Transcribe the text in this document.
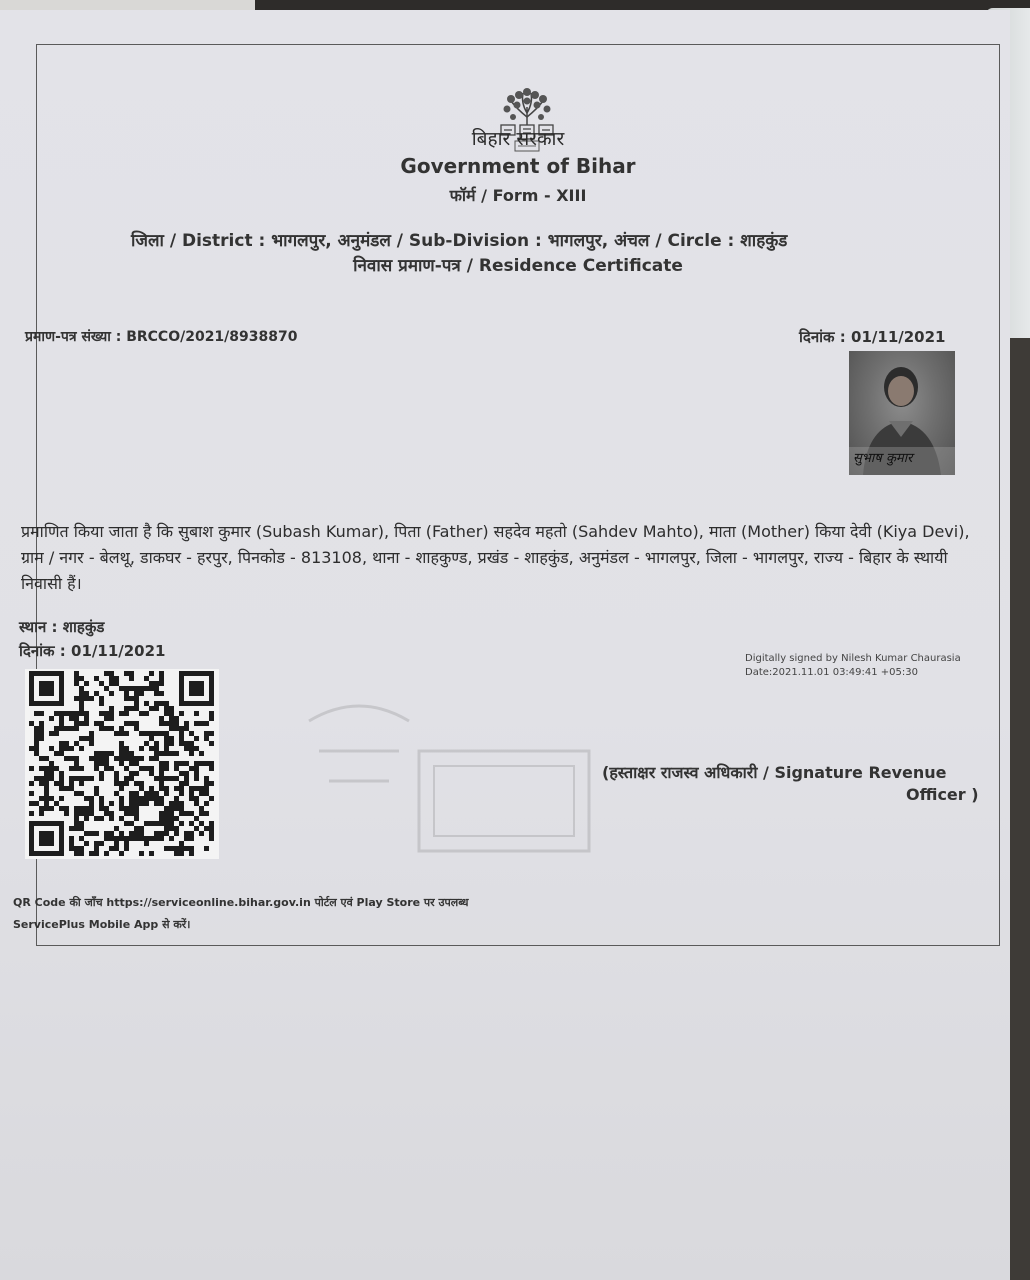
बिहार सरकार
Government of Bihar
फॉर्म / Form - XIII
जिला / District : भागलपुर, अनुमंडल / Sub-Division : भागलपुर, अंचल / Circle : शाहकुंड
निवास प्रमाण-पत्र / Residence Certificate
प्रमाण-पत्र संख्या : BRCCO/2021/8938870	दिनांक : 01/11/2021
सुभाष कुमार
प्रमाणित किया जाता है कि सुबाश कुमार (Subash Kumar), पिता (Father) सहदेव महतो (Sahdev Mahto), माता (Mother) किया देवी (Kiya Devi), ग्राम / नगर - बेलथू, डाकघर - हरपुर, पिनकोड - 813108, थाना - शाहकुण्ड, प्रखंड - शाहकुंड, अनुमंडल - भागलपुर, जिला - भागलपुर, राज्य - बिहार के स्थायी निवासी हैं।
स्थान : शाहकुंड
दिनांक : 01/11/2021	Digitally signed by Nilesh Kumar Chaurasia
Date:2021.11.01 03:49:41 +05:30
(हस्ताक्षर राजस्व अधिकारी / Signature Revenue
Officer )
QR Code की जाँच https://serviceonline.bihar.gov.in पोर्टल एवं Play Store पर उपलब्ध
ServicePlus Mobile App से करें।
